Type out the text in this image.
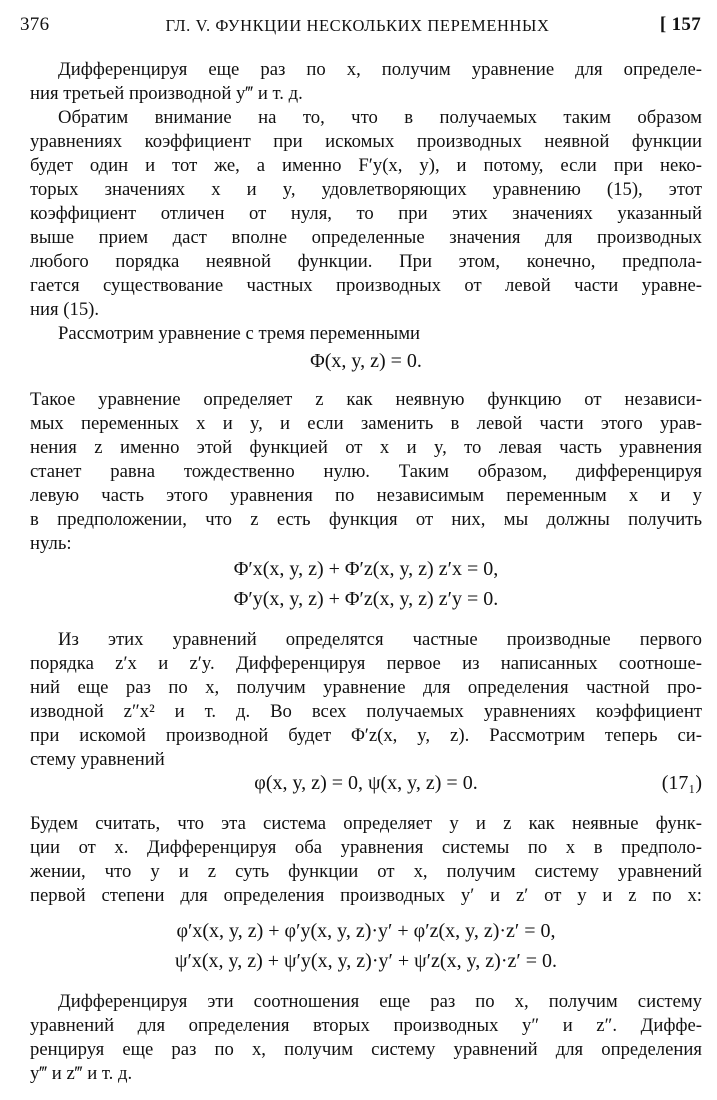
376	ГЛ. V. ФУНКЦИИ НЕСКОЛЬКИХ ПЕРЕМЕННЫХ	[ 157
Дифференцируя еще раз по x, получим уравнение для определе-
ния третьей производной y‴ и т. д.
Обратим внимание на то, что в получаемых таким образом
уравнениях коэффициент при искомых производных неявной функции
будет один и тот же, а именно F′y(x, y), и потому, если при неко-
торых значениях x и y, удовлетворяющих уравнению (15), этот
коэффициент отличен от нуля, то при этих значениях указанный
выше прием даст вполне определенные значения для производных
любого порядка неявной функции. При этом, конечно, предпола-
гается существование частных производных от левой части уравне-
ния (15).
Рассмотрим уравнение с тремя переменными
Φ(x, y, z) = 0.
Такое уравнение определяет z как неявную функцию от независи-
мых переменных x и y, и если заменить в левой части этого урав-
нения z именно этой функцией от x и y, то левая часть уравнения
станет равна тождественно нулю. Таким образом, дифференцируя
левую часть этого уравнения по независимым переменным x и y
в предположении, что z есть функция от них, мы должны получить
нуль:
Φ′x(x, y, z) + Φ′z(x, y, z) z′x = 0,
Φ′y(x, y, z) + Φ′z(x, y, z) z′y = 0.
Из этих уравнений определятся частные производные первого
порядка z′x и z′y. Дифференцируя первое из написанных соотноше-
ний еще раз по x, получим уравнение для определения частной про-
изводной z″x² и т. д. Во всех получаемых уравнениях коэффициент
при искомой производной будет Φ′z(x, y, z). Рассмотрим теперь си-
стему уравнений
φ(x, y, z) = 0, ψ(x, y, z) = 0.	(17₁)
Будем считать, что эта система определяет y и z как неявные функ-
ции от x. Дифференцируя оба уравнения системы по x в предполо-
жении, что y и z суть функции от x, получим систему уравнений
первой степени для определения производных y′ и z′ от y и z по x:
φ′x(x, y, z) + φ′y(x, y, z)·y′ + φ′z(x, y, z)·z′ = 0,
ψ′x(x, y, z) + ψ′y(x, y, z)·y′ + ψ′z(x, y, z)·z′ = 0.
Дифференцируя эти соотношения еще раз по x, получим систему
уравнений для определения вторых производных y″ и z″. Диффе-
ренцируя еще раз по x, получим систему уравнений для определения
y‴ и z‴ и т. д.
